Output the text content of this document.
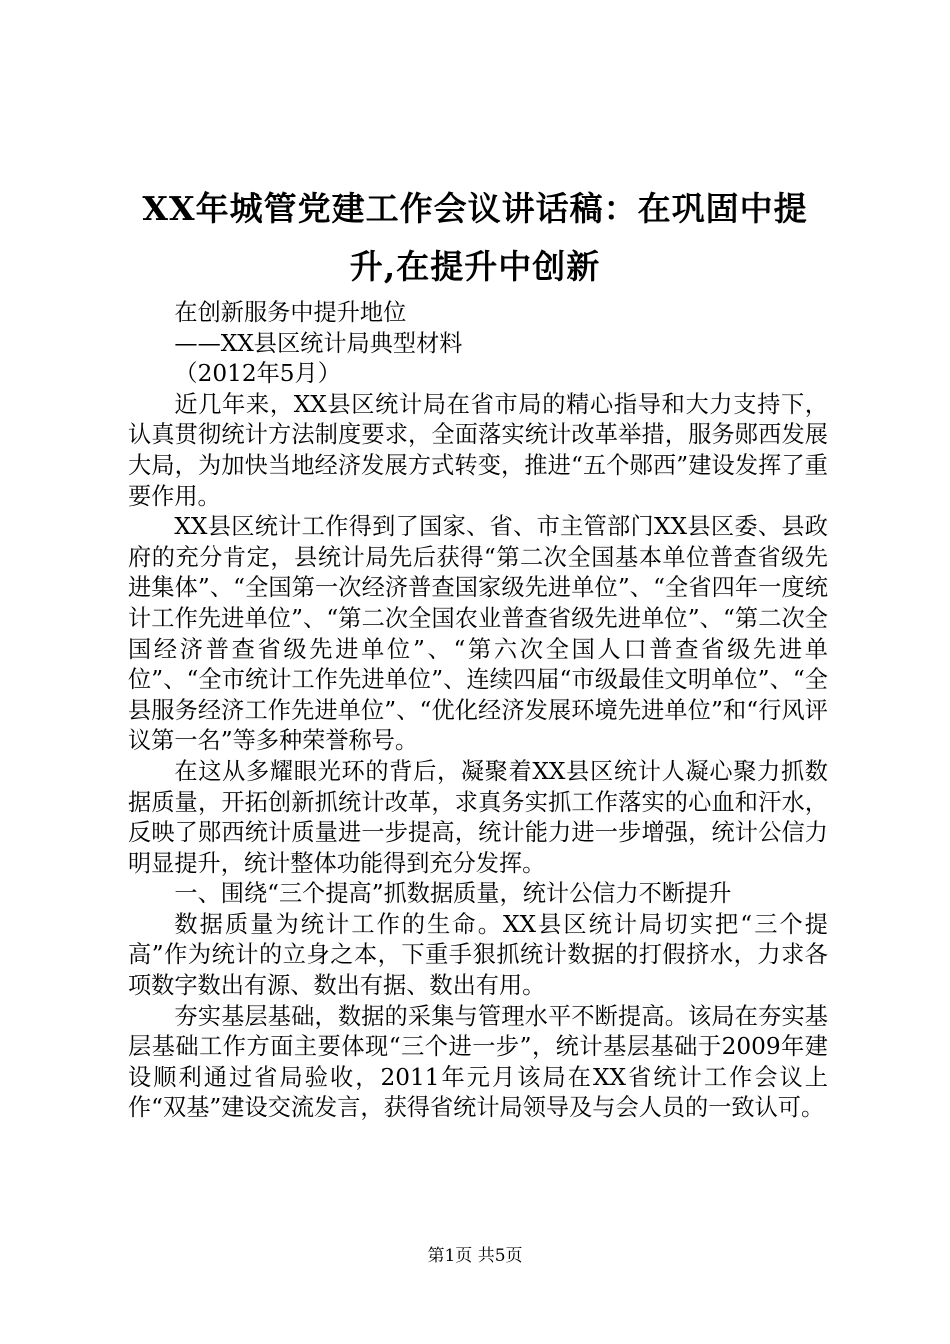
XX年城管党建工作会议讲话稿：在巩固中提升,在提升中创新

在创新服务中提升地位

——XX县区统计局典型材料

（2012年5月）

近几年来，XX县区统计局在省市局的精心指导和大力支持下，认真贯彻统计方法制度要求，全面落实统计改革举措，服务郧西发展大局，为加快当地经济发展方式转变，推进“五个郧西”建设发挥了重要作用。

XX县区统计工作得到了国家、省、市主管部门XX县区委、县政府的充分肯定，县统计局先后获得“第二次全国基本单位普查省级先进集体”、“全国第一次经济普查国家级先进单位”、“全省四年一度统计工作先进单位”、“第二次全国农业普查省级先进单位”、“第二次全国经济普查省级先进单位”、“第六次全国人口普查省级先进单位”、“全市统计工作先进单位”、连续四届“市级最佳文明单位”、“全县服务经济工作先进单位”、“优化经济发展环境先进单位”和“行风评议第一名”等多种荣誉称号。

在这从多耀眼光环的背后，凝聚着XX县区统计人凝心聚力抓数据质量，开拓创新抓统计改革，求真务实抓工作落实的心血和汗水，反映了郧西统计质量进一步提高，统计能力进一步增强，统计公信力明显提升，统计整体功能得到充分发挥。

一、围绕“三个提高”抓数据质量，统计公信力不断提升

数据质量为统计工作的生命。XX县区统计局切实把“三个提高”作为统计的立身之本，下重手狠抓统计数据的打假挤水，力求各项数字数出有源、数出有据、数出有用。

夯实基层基础，数据的采集与管理水平不断提高。该局在夯实基层基础工作方面主要体现“三个进一步”，统计基层基础于2009年建设顺利通过省局验收，2011年元月该局在XX省统计工作会议上作“双基”建设交流发言，获得省统计局领导及与会人员的一致认可。

第1页 共5页
